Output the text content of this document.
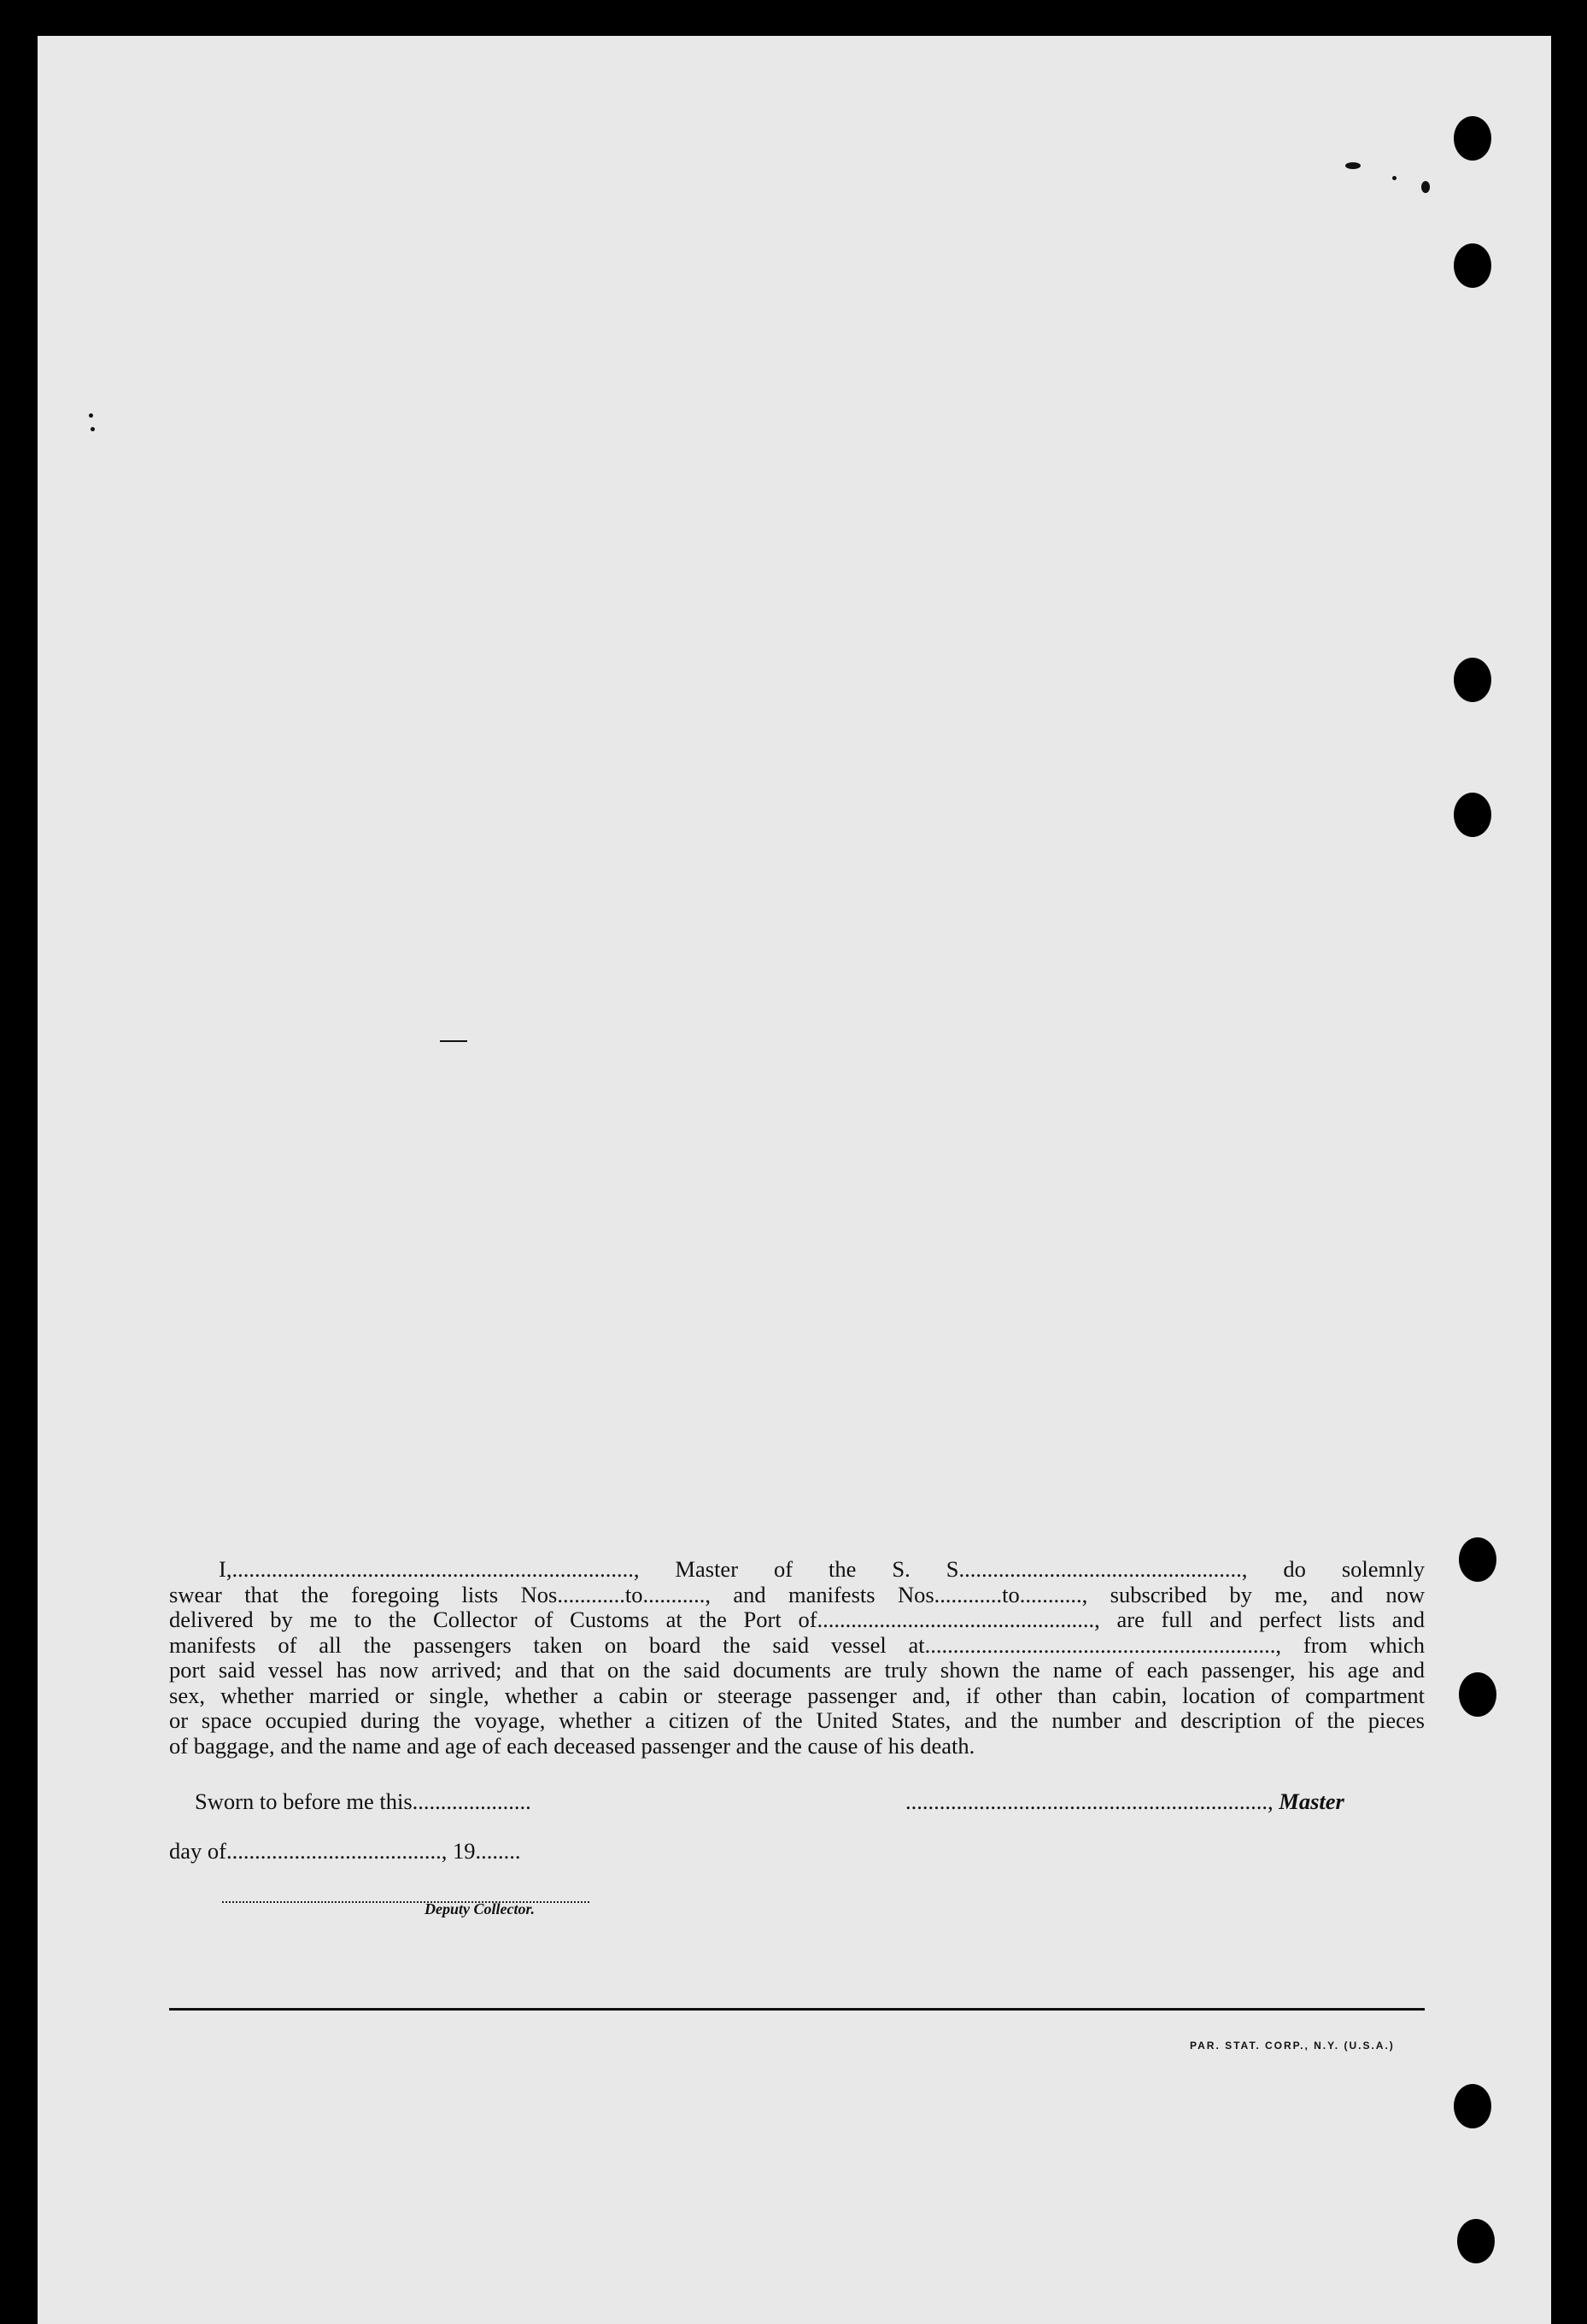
I,......................................................................., Master of the S. S.................................................., do solemnly

swear that the foregoing lists Nos............to..........., and manifests Nos............to..........., subscribed by me, and now

delivered by me to the Collector of Customs at the Port of................................................., are full and perfect lists and

manifests of all the passengers taken on board the said vessel at.............................................................., from which

port said vessel has now arrived; and that on the said documents are truly shown the name of each passenger, his age and

sex, whether married or single, whether a cabin or steerage passenger and, if other than cabin, location of compartment

or space occupied during the voyage, whether a citizen of the United States, and the number and description of the pieces

of baggage, and the name and age of each deceased passenger and the cause of his death.

Sworn to before me this.....................	................................................................, Master
day of......................................, 19........
Deputy Collector.
PAR. STAT. CORP., N.Y. (U.S.A.)
